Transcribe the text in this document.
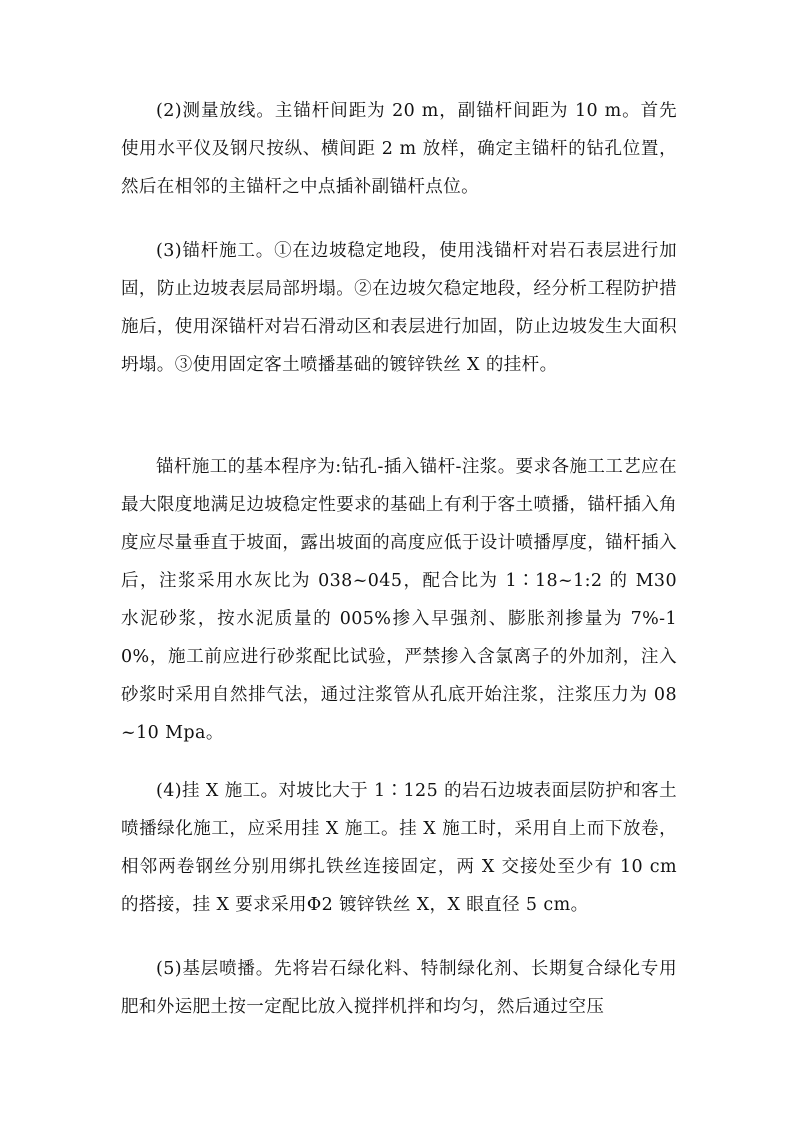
(2)测量放线。主锚杆间距为 20 m，副锚杆间距为 10 m。首先使用水平仪及钢尺按纵、横间距 2 m 放样，确定主锚杆的钻孔位置，然后在相邻的主锚杆之中点插补副锚杆点位。

(3)锚杆施工。①在边坡稳定地段，使用浅锚杆对岩石表层进行加固，防止边坡表层局部坍塌。②在边坡欠稳定地段，经分析工程防护措施后，使用深锚杆对岩石滑动区和表层进行加固，防止边坡发生大面积坍塌。③使用固定客土喷播基础的镀锌铁丝 X 的挂杆。

锚杆施工的基本程序为:钻孔-插入锚杆-注浆。要求各施工工艺应在最大限度地满足边坡稳定性要求的基础上有利于客土喷播，锚杆插入角度应尽量垂直于坡面，露出坡面的高度应低于设计喷播厚度，锚杆插入后，注浆采用水灰比为 038~045，配合比为 1∶18~1:2 的 M30 水泥砂浆，按水泥质量的 005%掺入早强剂、膨胀剂掺量为 7%-10%，施工前应进行砂浆配比试验，严禁掺入含氯离子的外加剂，注入砂浆时采用自然排气法，通过注浆管从孔底开始注浆，注浆压力为 08~10 Mpa。

(4)挂 X 施工。对坡比大于 1∶125 的岩石边坡表面层防护和客土喷播绿化施工，应采用挂 X 施工。挂 X 施工时，采用自上而下放卷，相邻两卷钢丝分别用绑扎铁丝连接固定，两 X 交接处至少有 10 cm 的搭接，挂 X 要求采用Φ2 镀锌铁丝 X，X 眼直径 5 cm。

(5)基层喷播。先将岩石绿化料、特制绿化剂、长期复合绿化专用肥和外运肥土按一定配比放入搅拌机拌和均匀，然后通过空压
